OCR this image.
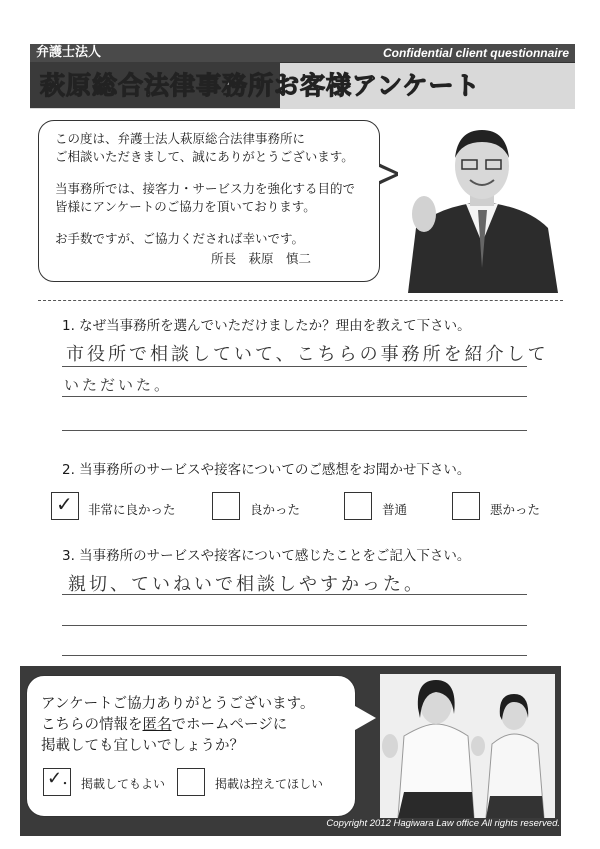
弁護士法人	Confidential client questionnaire
萩原総合法律事務所お客様アンケート
この度は、弁護士法人萩原総合法律事務所に
ご相談いただきまして、誠にありがとうございます。
当事務所では、接客力・サービス力を強化する目的で
皆様にアンケートのご協力を頂いております。
お手数ですが、ご協力くだされば幸いです。
所長　萩原　慎二
1. なぜ当事務所を選んでいただけましたか？理由を教えて下さい。
市役所で相談していて、こちらの事務所を紹介して
いただいた。
2. 当事務所のサービスや接客についてのご感想をお聞かせ下さい。
✓ 非常に良かった	良かった	普通	悪かった
3. 当事務所のサービスや接客について感じたことをご記入下さい。
親切、ていねいで相談しやすかった。
アンケートご協力ありがとうございます。
こちらの情報を匿名でホームページに
掲載しても宜しいでしょうか？
✓. 掲載してもよい	掲載は控えてほしい
Copyright 2012 Hagiwara Law office All rights reserved.
